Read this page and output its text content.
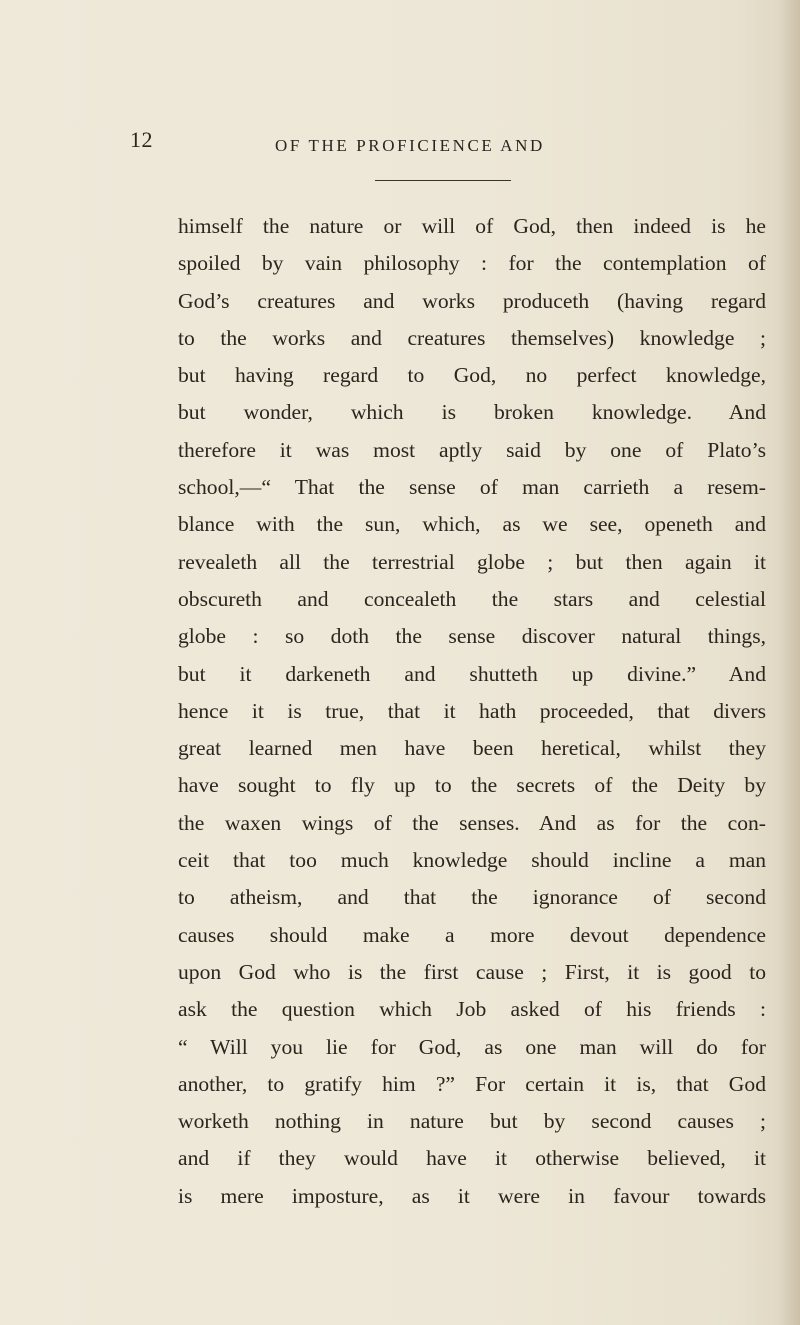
12	OF THE PROFICIENCE AND
himself the nature or will of God, then indeed is he
spoiled by vain philosophy : for the contemplation of
God’s creatures and works produceth (having regard
to the works and creatures themselves) knowledge ;
but having regard to God, no perfect knowledge,
but wonder, which is broken knowledge. And
therefore it was most aptly said by one of Plato’s
school,—“ That the sense of man carrieth a resem-
blance with the sun, which, as we see, openeth and
revealeth all the terrestrial globe ; but then again it
obscureth and concealeth the stars and celestial
globe : so doth the sense discover natural things,
but it darkeneth and shutteth up divine.” And
hence it is true, that it hath proceeded, that divers
great learned men have been heretical, whilst they
have sought to fly up to the secrets of the Deity by
the waxen wings of the senses. And as for the con-
ceit that too much knowledge should incline a man
to atheism, and that the ignorance of second
causes should make a more devout dependence
upon God who is the first cause ; First, it is good to
ask the question which Job asked of his friends :
“ Will you lie for God, as one man will do for
another, to gratify him ?” For certain it is, that God
worketh nothing in nature but by second causes ;
and if they would have it otherwise believed, it
is mere imposture, as it were in favour towards
